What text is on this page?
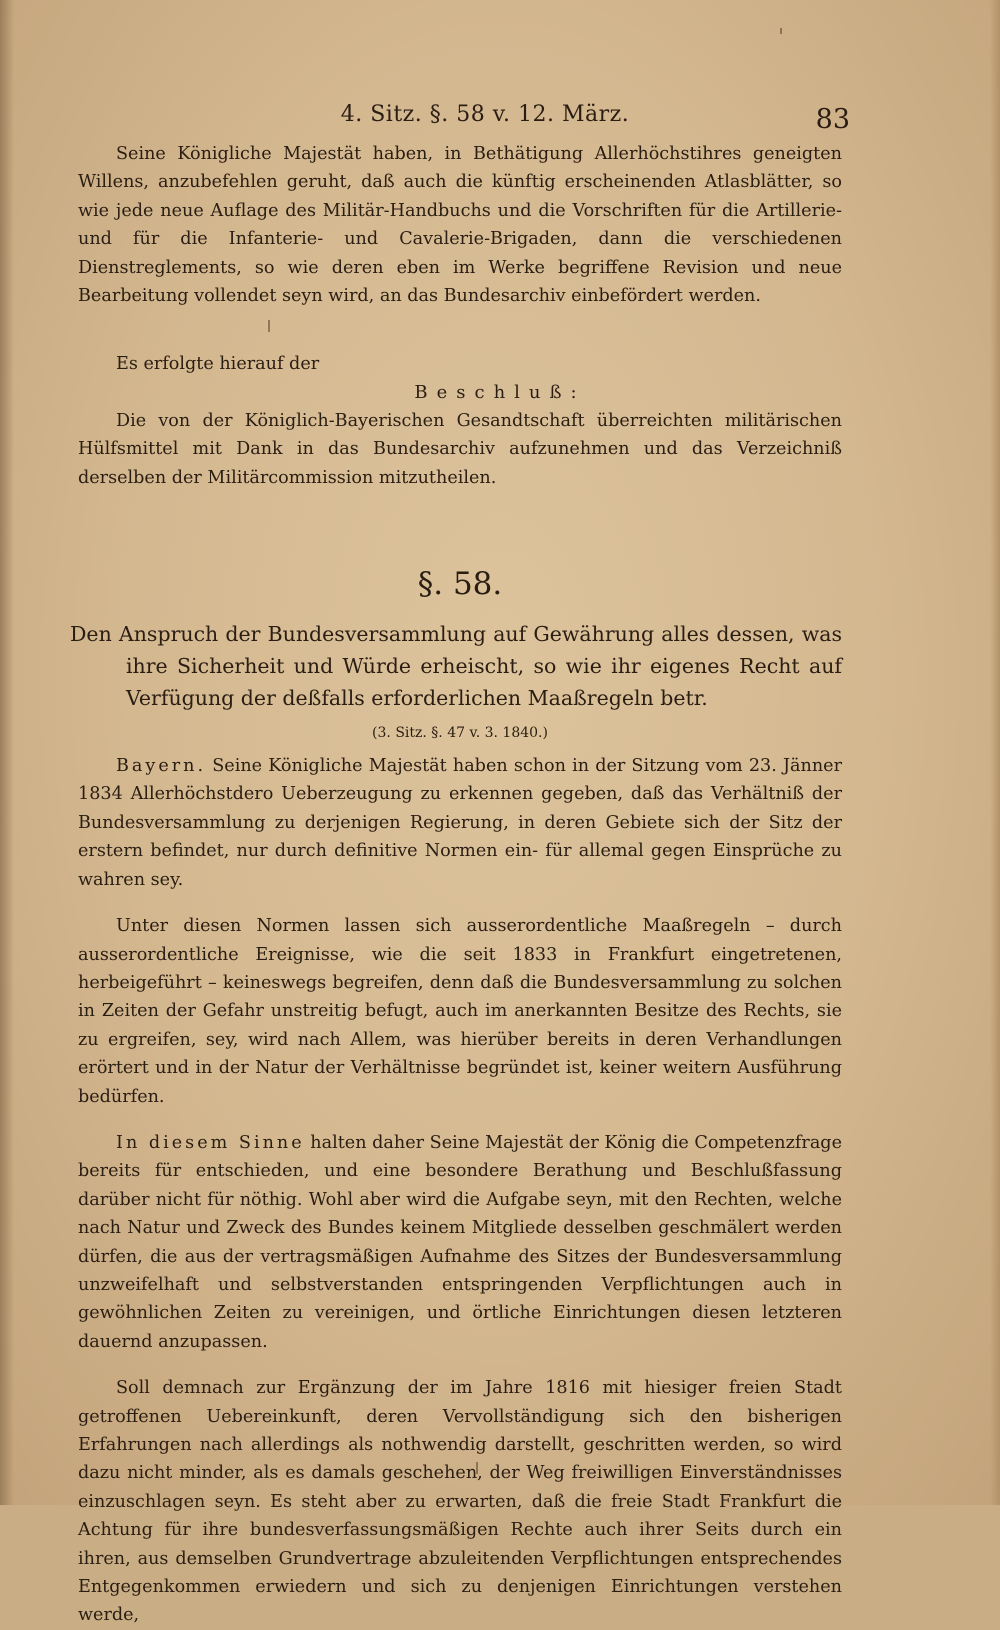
4. Sitz. §. 58 v. 12. März.	83

Seine Königliche Majestät haben, in Bethätigung Allerhöchstihres geneigten Willens, anzubefehlen geruht, daß auch die künftig erscheinenden Atlasblätter, so wie jede neue Auflage des Militär-Handbuchs und die Vorschriften für die Artillerie- und für die Infanterie- und Cavalerie-Brigaden, dann die verschiedenen Dienstreglements, so wie deren eben im Werke begriffene Revision und neue Bearbeitung vollendet seyn wird, an das Bundesarchiv einbefördert werden.

Es erfolgte hierauf der

Beschluß:

Die von der Königlich-Bayerischen Gesandtschaft überreichten militärischen Hülfsmittel mit Dank in das Bundesarchiv aufzunehmen und das Verzeichniß derselben der Militärcommission mitzutheilen.

§. 58.

Den Anspruch der Bundesversammlung auf Gewährung alles dessen, was ihre Sicherheit und Würde erheischt, so wie ihr eigenes Recht auf Verfügung der deßfalls erforderlichen Maaßregeln betr.

(3. Sitz. §. 47 v. 3. 1840.)

Bayern. Seine Königliche Majestät haben schon in der Sitzung vom 23. Jänner 1834 Allerhöchstdero Ueberzeugung zu erkennen gegeben, daß das Verhältniß der Bundesversammlung zu derjenigen Regierung, in deren Gebiete sich der Sitz der erstern befindet, nur durch definitive Normen ein- für allemal gegen Einsprüche zu wahren sey.

Unter diesen Normen lassen sich ausserordentliche Maaßregeln – durch ausserordentliche Ereignisse, wie die seit 1833 in Frankfurt eingetretenen, herbeigeführt – keineswegs begreifen, denn daß die Bundesversammlung zu solchen in Zeiten der Gefahr unstreitig befugt, auch im anerkannten Besitze des Rechts, sie zu ergreifen, sey, wird nach Allem, was hierüber bereits in deren Verhandlungen erörtert und in der Natur der Verhältnisse begründet ist, keiner weitern Ausführung bedürfen.

In diesem Sinne halten daher Seine Majestät der König die Competenzfrage bereits für entschieden, und eine besondere Berathung und Beschlußfassung darüber nicht für nöthig. Wohl aber wird die Aufgabe seyn, mit den Rechten, welche nach Natur und Zweck des Bundes keinem Mitgliede desselben geschmälert werden dürfen, die aus der vertragsmäßigen Aufnahme des Sitzes der Bundesversammlung unzweifelhaft und selbstverstanden entspringenden Verpflichtungen auch in gewöhnlichen Zeiten zu vereinigen, und örtliche Einrichtungen diesen letzteren dauernd anzupassen.

Soll demnach zur Ergänzung der im Jahre 1816 mit hiesiger freien Stadt getroffenen Uebereinkunft, deren Vervollständigung sich den bisherigen Erfahrungen nach allerdings als nothwendig darstellt, geschritten werden, so wird dazu nicht minder, als es damals geschehen, der Weg freiwilligen Einverständnisses einzuschlagen seyn. Es steht aber zu erwarten, daß die freie Stadt Frankfurt die Achtung für ihre bundesverfassungsmäßigen Rechte auch ihrer Seits durch ein ihren, aus demselben Grundvertrage abzuleitenden Verpflichtungen entsprechendes Entgegenkommen erwiedern und sich zu denjenigen Einrichtungen verstehen werde,
